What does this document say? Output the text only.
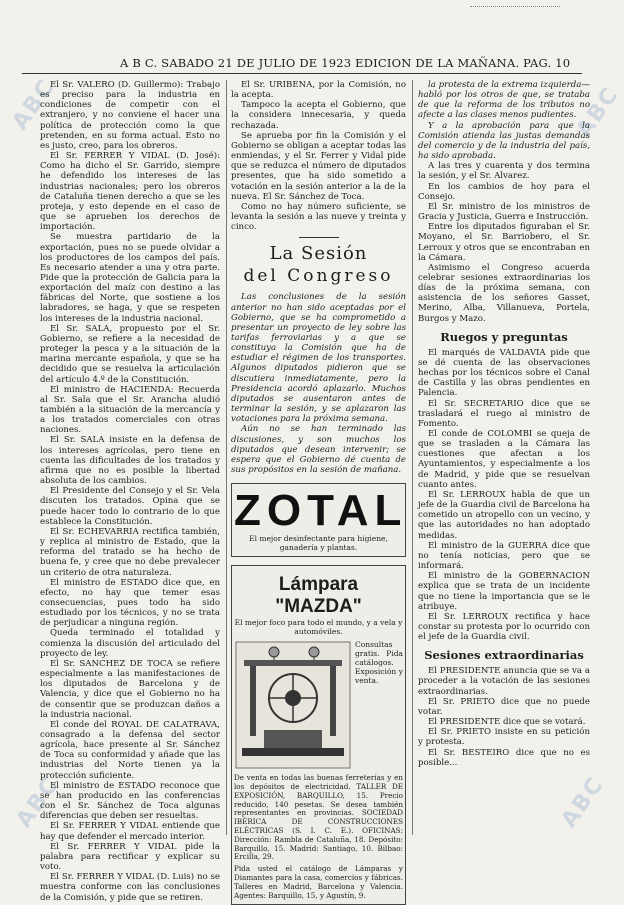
ABC	ABC
ABC	ABC
A B C. SABADO 21 DE JULIO DE 1923 EDICION DE LA MAÑANA. PAG. 10

El Sr. VALERO (D. Guillermo): Trabajo es preciso para la industria en condiciones de competir con el extranjero, y no conviene el hacer una política de protección como la que pretenden, en su forma actual. Esto no es justo, creo, para los obreros.

El Sr. FERRER Y VIDAL (D. José): Como ha dicho el Sr. Garrido, siempre he defendido los intereses de las industrias nacionales; pero los obreros de Cataluña tienen derecho a que se les proteja, y esto depende en el caso de que se aprueben los derechos de importación.

Se muestra partidario de la exportación, pues no se puede olvidar a los productores de los campos del país. Es necesario atender a una y otra parte. Pide que la protección de Galicia para la exportación del maíz con destino a las fábricas del Norte, que sostiene a los labradores, se haga, y que se respeten los intereses de la industria nacional.

El Sr. SALA, propuesto por el Sr. Gobierno, se refiere a la necesidad de proteger la pesca y a la situación de la marina mercante española, y que se ha decidido que se resuelva la articulación del artículo 4.º de la Constitución.

El ministro de HACIENDA: Recuerda al Sr. Sala que el Sr. Arancha aludió también a la situación de la mercancía y a los tratados comerciales con otras naciones.

El Sr. SALA insiste en la defensa de los intereses agrícolas, pero tiene en cuenta las dificultades de los tratados y afirma que no es posible la libertad absoluta de los cambios.

El Presidente del Consejo y el Sr. Vela discuten los tratados. Opina que se puede hacer todo lo contrario de lo que establece la Constitución.

El Sr. ECHEVARRIA rectifica también, y replica al ministro de Estado, que la reforma del tratado se ha hecho de buena fe, y cree que no debe prevalecer un criterio de otra naturaleza.

El ministro de ESTADO dice que, en efecto, no hay que temer esas consecuencias, pues todo ha sido estudiado por los técnicos, y no se trata de perjudicar a ninguna región.

Queda terminado el totalidad y comienza la discusión del articulado del proyecto de ley.

El Sr. SANCHEZ DE TOCA se refiere especialmente a las manifestaciones de los diputados de Barcelona y de Valencia, y dice que el Gobierno no ha de consentir que se produzcan daños a la industria nacional.

El conde del ROYAL DE CALATRAVA, consagrado a la defensa del sector agrícola, hace presente al Sr. Sánchez de Toca su conformidad y añade que las industrias del Norte tienen ya la protección suficiente.

El ministro de ESTADO reconoce que se han producido en las conferencias con el Sr. Sánchez de Toca algunas diferencias que deben ser resueltas.

El Sr. FERRER Y VIDAL entiende que hay que defender el mercado interior.

El Sr. FERRER Y VIDAL pide la palabra para rectificar y explicar su voto.

El Sr. FERRER Y VIDAL (D. Luis) no se muestra conforme con las conclusiones de la Comisión, y pide que se retiren.

El Sr. URIBENA, por la Comisión, no la acepta.

Tampoco la acepta el Gobierno, que la considera innecesaria, y queda rechazada.

Se aprueba por fin la Comisión y el Gobierno se obligan a aceptar todas las enmiendas, y el Sr. Ferrer y Vidal pide que se reduzca el número de diputados presentes, que ha sido sometido a votación en la sesión anterior a la de la nueva. El Sr. Sánchez de Toca.

Como no hay número suficiente, se levanta la sesión a las nueve y treinta y cinco.

La Sesión
del Congreso

Las conclusiones de la sesión anterior no han sido aceptadas por el Gobierno, que se ha comprometido a presentar un proyecto de ley sobre las tarifas ferroviarias y a que se constituya la Comisión que ha de estudiar el régimen de los transportes. Algunos diputados pidieron que se discutiera inmediatamente, pero la Presidencia acordó aplazarlo. Muchos diputados se ausentaron antes de terminar la sesión, y se aplazaron las votaciones para la próxima semana.

Aún no se han terminado las discusiones, y son muchos los diputados que desean intervenir; se espera que el Gobierno dé cuenta de sus propósitos en la sesión de mañana.

ZOTAL
El mejor desinfectante para higiene, ganadería y plantas.
Lámpara "MAZDA"
El mejor foco para todo el mundo, y a vela y automóviles.
Consultas gratis. Pida catálogos. Exposición y venta.
De venta en todas las buenas ferreterías y en los depósitos de electricidad. TALLER DE EXPOSICIÓN, BARQUILLO, 15. Precio reducido, 140 pesetas. Se desea también representantes en provincias. SOCIEDAD IBÉRICA DE CONSTRUCCIONES ELÉCTRICAS (S. I. C. E.). OFICINAS: Dirección: Rambla de Cataluña, 18. Depósito: Barquillo, 15. Madrid: Santiago, 10. Bilbao: Ercilla, 29.
Pida usted el catálogo de Lámparas y Diamantes para la casa, comercios y fábricas. Talleres en Madrid, Barcelona y Valencia. Agentes: Barquillo, 15, y Agustín, 9.

la protesta de la extrema izquierda—habló por los otros de que, se trataba de que la reforma de los tributos no afecte a las clases menos pudientes.

Y a la aprobación para que la Comisión atienda las justas demandas del comercio y de la industria del país, ha sido aprobada.

A las tres y cuarenta y dos termina la sesión, y el Sr. Alvarez.

En los cambios de hoy para el Consejo.

El Sr. ministro de los ministros de Gracia y Justicia, Guerra e Instrucción.

Entre los diputados figuraban el Sr. Moyano, el Sr. Barriobero, el Sr. Lerroux y otros que se encontraban en la Cámara.

Asimismo el Congreso acuerda celebrar sesiones extraordinarias los días de la próxima semana, con asistencia de los señores Gasset, Merino, Alba, Villanueva, Portela, Burgos y Mazo.

Ruegos y preguntas

El marqués de VALDAVIA pide que se dé cuenta de las observaciones hechas por los técnicos sobre el Canal de Castilla y las obras pendientes en Palencia.

El Sr. SECRETARIO dice que se trasladará el ruego al ministro de Fomento.

El conde de COLOMBI se queja de que se trasladen a la Cámara las cuestiones que afectan a los Ayuntamientos, y especialmente a los de Madrid, y pide que se resuelvan cuanto antes.

El Sr. LERROUX habla de que un jefe de la Guardia civil de Barcelona ha cometido un atropello con un vecino, y que las autoridades no han adoptado medidas.

El ministro de la GUERRA dice que no tenía noticias, pero que se informará.

El ministro de la GOBERNACION explica que se trata de un incidente que no tiene la importancia que se le atribuye.

El Sr. LERROUX rectifica y hace constar su protesta por lo ocurrido con el jefe de la Guardia civil.

Sesiones extraordinarias

El PRESIDENTE anuncia que se va a proceder a la votación de las sesiones extraordinarias.

El Sr. PRIETO dice que no puede votar.

El PRESIDENTE dice que se votará.

El Sr. PRIETO insiste en su petición y protesta.

El Sr. BESTEIRO dice que no es posible...
